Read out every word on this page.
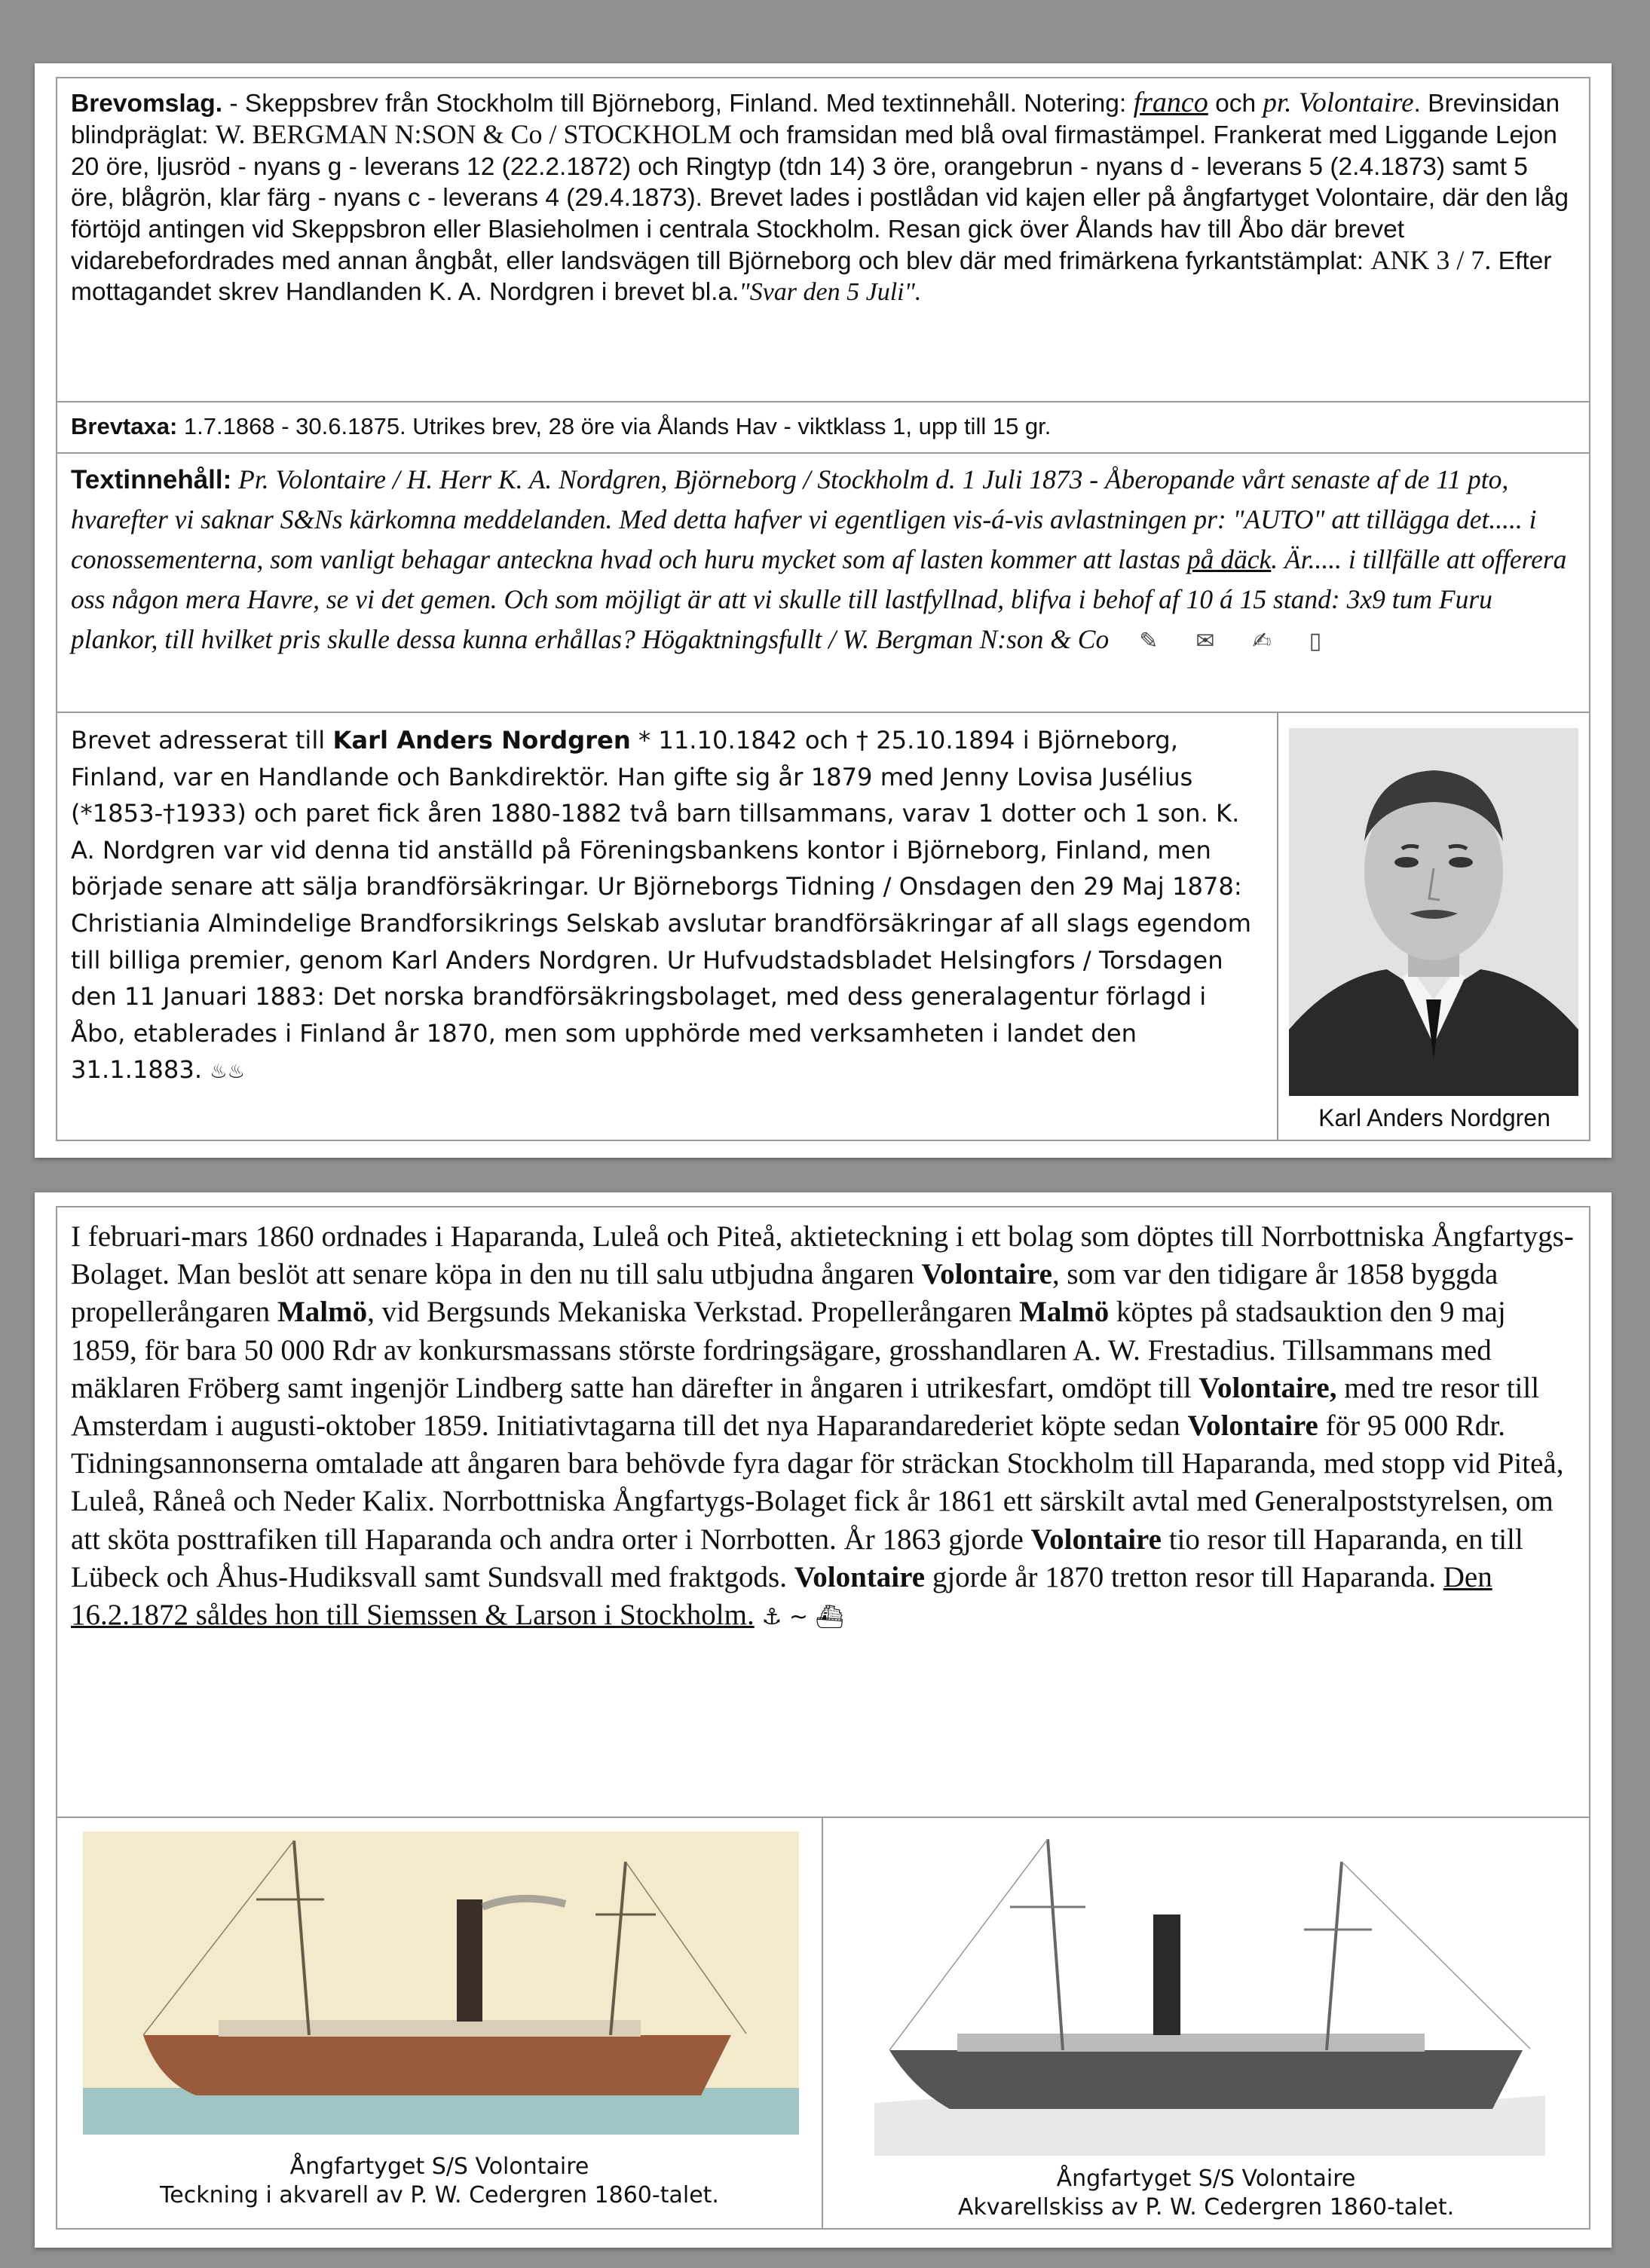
Brevomslag. - Skeppsbrev från Stockholm till Björneborg, Finland. Med textinnehåll. Notering: franco och pr. Volontaire. Brevinsidan blindpräglat: W. BERGMAN N:SON & Co / STOCKHOLM och framsidan med blå oval firmastämpel. Frankerat med Liggande Lejon 20 öre, ljusröd - nyans g - leverans 12 (22.2.1872) och Ringtyp (tdn 14) 3 öre, orangebrun - nyans d - leverans 5 (2.4.1873) samt 5 öre, blågrön, klar färg - nyans c - leverans 4 (29.4.1873). Brevet lades i postlådan vid kajen eller på ångfartyget Volontaire, där den låg förtöjd antingen vid Skeppsbron eller Blasieholmen i centrala Stockholm. Resan gick över Ålands hav till Åbo där brevet vidarebefordrades med annan ångbåt, eller landsvägen till Björneborg och blev där med frimärkena fyrkantstämplat: ANK 3 / 7. Efter mottagandet skrev Handlanden K. A. Nordgren i brevet bl.a."Svar den 5 Juli".
Brevtaxa: 1.7.1868 - 30.6.1875. Utrikes brev, 28 öre via Ålands Hav - viktklass 1, upp till 15 gr.
Textinnehåll: Pr. Volontaire / H. Herr K. A. Nordgren, Björneborg / Stockholm d. 1 Juli 1873 - Åberopande vårt senaste af de 11 pto, hvarefter vi saknar S&Ns kärkomna meddelanden. Med detta hafver vi egentligen vis-á-vis avlastningen pr: "AUTO" att tillägga det..... i conossementerna, som vanligt behagar anteckna hvad och huru mycket som af lasten kommer att lastas på däck. Är..... i tillfälle att offerera oss någon mera Havre, se vi det gemen. Och som möjligt är att vi skulle till lastfyllnad, blifva i behof af 10 á 15 stand: 3x9 tum Furu plankor, till hvilket pris skulle dessa kunna erhållas? Högaktningsfullt / W. Bergman N:son & Co ✎✉✍▯
Brevet adresserat till Karl Anders Nordgren * 11.10.1842 och † 25.10.1894 i Björneborg, Finland, var en Handlande och Bankdirektör. Han gifte sig år 1879 med Jenny Lovisa Jusélius (*1853-†1933) och paret fick åren 1880-1882 två barn tillsammans, varav 1 dotter och 1 son. K. A. Nordgren var vid denna tid anställd på Föreningsbankens kontor i Björneborg, Finland, men började senare att sälja brandförsäkringar. Ur Björneborgs Tidning / Onsdagen den 29 Maj 1878: Christiania Almindelige Brandforsikrings Selskab avslutar brandförsäkringar af all slags egendom till billiga premier, genom Karl Anders Nordgren. Ur Hufvudstadsbladet Helsingfors / Torsdagen den 11 Januari 1883: Det norska brandförsäkringsbolaget, med dess generalagentur förlagd i Åbo, etablerades i Finland år 1870, men som upphörde med verksamheten i landet den 31.1.1883. ♨♨
Karl Anders Nordgren
I februari-mars 1860 ordnades i Haparanda, Luleå och Piteå, aktieteckning i ett bolag som döptes till Norrbottniska Ångfartygs-Bolaget. Man beslöt att senare köpa in den nu till salu utbjudna ångaren Volontaire, som var den tidigare år 1858 byggda propellerångaren Malmö, vid Bergsunds Mekaniska Verkstad. Propellerångaren Malmö köptes på stadsauktion den 9 maj 1859, för bara 50 000 Rdr av konkursmassans störste fordringsägare, grosshandlaren A. W. Frestadius. Tillsammans med mäklaren Fröberg samt ingenjör Lindberg satte han därefter in ångaren i utrikesfart, omdöpt till Volontaire, med tre resor till Amsterdam i augusti-oktober 1859. Initiativtagarna till det nya Haparandarederiet köpte sedan Volontaire för 95 000 Rdr. Tidningsannonserna omtalade att ångaren bara behövde fyra dagar för sträckan Stockholm till Haparanda, med stopp vid Piteå, Luleå, Råneå och Neder Kalix. Norrbottniska Ångfartygs-Bolaget fick år 1861 ett särskilt avtal med Generalpoststyrelsen, om att sköta posttrafiken till Haparanda och andra orter i Norrbotten. År 1863 gjorde Volontaire tio resor till Haparanda, en till Lübeck och Åhus-Hudiksvall samt Sundsvall med fraktgods. Volontaire gjorde år 1870 tretton resor till Haparanda. Den 16.2.1872 såldes hon till Siemssen & Larson i Stockholm. ⚓ ~ ⛴
Ångfartyget S/S Volontaire
Teckning i akvarell av P. W. Cedergren 1860-talet.
Ångfartyget S/S Volontaire
Akvarellskiss av P. W. Cedergren 1860-talet.
